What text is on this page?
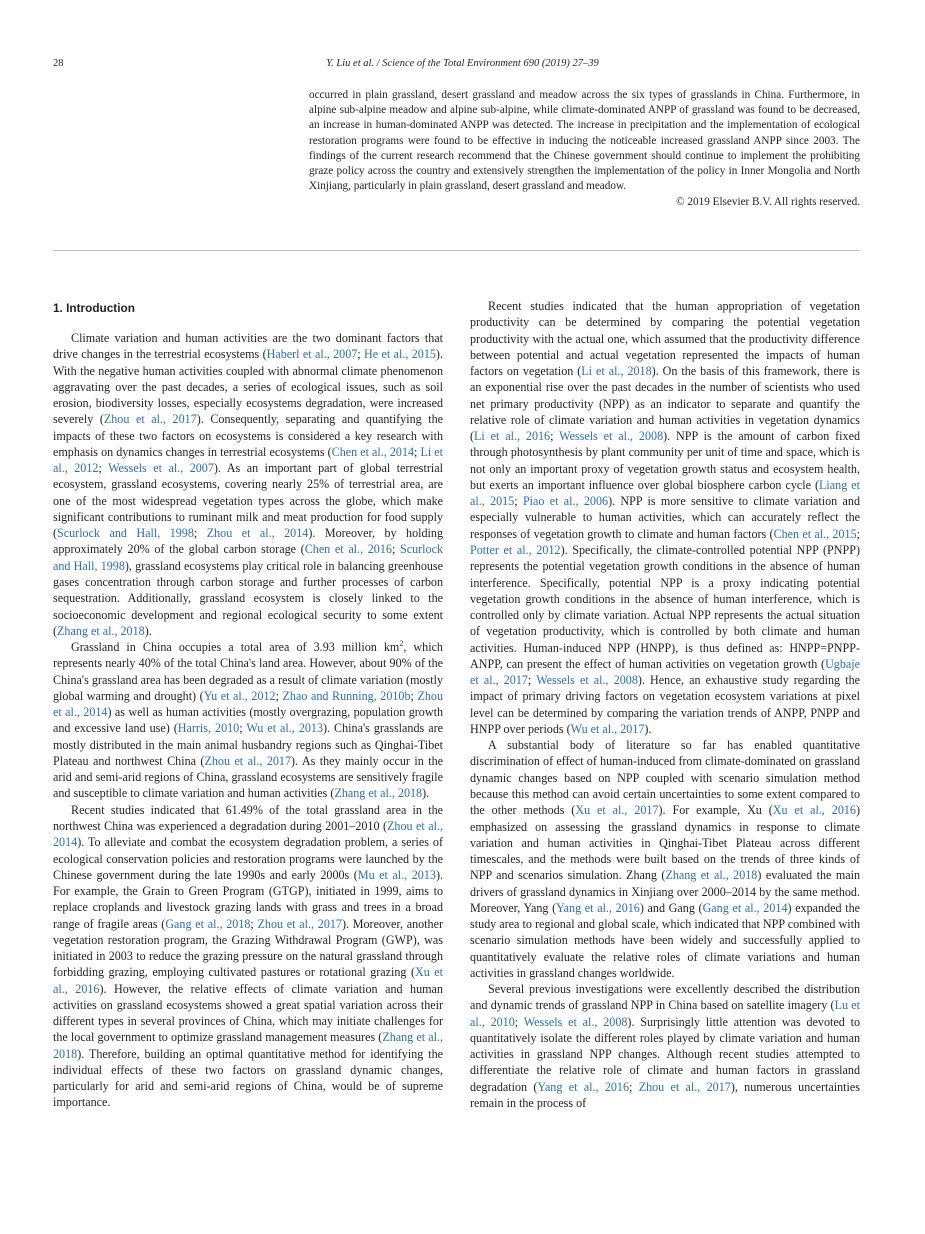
28	Y. Liu et al. / Science of the Total Environment 690 (2019) 27–39
occurred in plain grassland, desert grassland and meadow across the six types of grasslands in China. Furthermore, in alpine sub-alpine meadow and alpine sub-alpine, while climate-dominated ANPP of grassland was found to be decreased, an increase in human-dominated ANPP was detected. The increase in precipitation and the implementation of ecological restoration programs were found to be effective in inducing the noticeable increased grassland ANPP since 2003. The findings of the current research recommend that the Chinese government should continue to implement the prohibiting graze policy across the country and extensively strengthen the implementation of the policy in Inner Mongolia and North Xinjiang, particularly in plain grassland, desert grassland and meadow.
© 2019 Elsevier B.V. All rights reserved.
1. Introduction

Climate variation and human activities are the two dominant factors that drive changes in the terrestrial ecosystems (Haberl et al., 2007; He et al., 2015). With the negative human activities coupled with abnormal climate phenomenon aggravating over the past decades, a series of ecological issues, such as soil erosion, biodiversity losses, especially ecosystems degradation, were increased severely (Zhou et al., 2017). Consequently, separating and quantifying the impacts of these two factors on ecosystems is considered a key research with emphasis on dynamics changes in terrestrial ecosystems (Chen et al., 2014; Li et al., 2012; Wessels et al., 2007). As an important part of global terrestrial ecosystem, grassland ecosystems, covering nearly 25% of terrestrial area, are one of the most widespread vegetation types across the globe, which make significant contributions to ruminant milk and meat production for food supply (Scurlock and Hall, 1998; Zhou et al., 2014). Moreover, by holding approximately 20% of the global carbon storage (Chen et al., 2016; Scurlock and Hall, 1998), grassland ecosystems play critical role in balancing greenhouse gases concentration through carbon storage and further processes of carbon sequestration. Additionally, grassland ecosystem is closely linked to the socioeconomic development and regional ecological security to some extent (Zhang et al., 2018).

Grassland in China occupies a total area of 3.93 million $km^2$, which represents nearly 40% of the total China's land area. However, about 90% of the China's grassland area has been degraded as a result of climate variation (mostly global warming and drought) (Yu et al., 2012; Zhao and Running, 2010b; Zhou et al., 2014) as well as human activities (mostly overgrazing, population growth and excessive land use) (Harris, 2010; Wu et al., 2013). China's grasslands are mostly distributed in the main animal husbandry regions such as Qinghai-Tibet Plateau and northwest China (Zhou et al., 2017). As they mainly occur in the arid and semi-arid regions of China, grassland ecosystems are sensitively fragile and susceptible to climate variation and human activities (Zhang et al., 2018).

Recent studies indicated that 61.49% of the total grassland area in the northwest China was experienced a degradation during 2001–2010 (Zhou et al., 2014). To alleviate and combat the ecosystem degradation problem, a series of ecological conservation policies and restoration programs were launched by the Chinese government during the late 1990s and early 2000s (Mu et al., 2013). For example, the Grain to Green Program (GTGP), initiated in 1999, aims to replace croplands and livestock grazing lands with grass and trees in a broad range of fragile areas (Gang et al., 2018; Zhou et al., 2017). Moreover, another vegetation restoration program, the Grazing Withdrawal Program (GWP), was initiated in 2003 to reduce the grazing pressure on the natural grassland through forbidding grazing, employing cultivated pastures or rotational grazing (Xu et al., 2016). However, the relative effects of climate variation and human activities on grassland ecosystems showed a great spatial variation across their different types in several provinces of China, which may initiate challenges for the local government to optimize grassland management measures (Zhang et al., 2018). Therefore, building an optimal quantitative method for identifying the individual effects of these two factors on grassland dynamic changes, particularly for arid and semi-arid regions of China, would be of supreme importance.

Recent studies indicated that the human appropriation of vegetation productivity can be determined by comparing the potential vegetation productivity with the actual one, which assumed that the productivity difference between potential and actual vegetation represented the impacts of human factors on vegetation (Li et al., 2018). On the basis of this framework, there is an exponential rise over the past decades in the number of scientists who used net primary productivity (NPP) as an indicator to separate and quantify the relative role of climate variation and human activities in vegetation dynamics (Li et al., 2016; Wessels et al., 2008). NPP is the amount of carbon fixed through photosynthesis by plant community per unit of time and space, which is not only an important proxy of vegetation growth status and ecosystem health, but exerts an important influence over global biosphere carbon cycle (Liang et al., 2015; Piao et al., 2006). NPP is more sensitive to climate variation and especially vulnerable to human activities, which can accurately reflect the responses of vegetation growth to climate and human factors (Chen et al., 2015; Potter et al., 2012). Specifically, the climate-controlled potential NPP (PNPP) represents the potential vegetation growth conditions in the absence of human interference. Specifically, potential NPP is a proxy indicating potential vegetation growth conditions in the absence of human interference, which is controlled only by climate variation. Actual NPP represents the actual situation of vegetation productivity, which is controlled by both climate and human activities. Human-induced NPP (HNPP), is thus defined as: HNPP=PNPP-ANPP, can present the effect of human activities on vegetation growth (Ugbaje et al., 2017; Wessels et al., 2008). Hence, an exhaustive study regarding the impact of primary driving factors on vegetation ecosystem variations at pixel level can be determined by comparing the variation trends of ANPP, PNPP and HNPP over periods (Wu et al., 2017).

A substantial body of literature so far has enabled quantitative discrimination of effect of human-induced from climate-dominated on grassland dynamic changes based on NPP coupled with scenario simulation method because this method can avoid certain uncertainties to some extent compared to the other methods (Xu et al., 2017). For example, Xu (Xu et al., 2016) emphasized on assessing the grassland dynamics in response to climate variation and human activities in Qinghai-Tibet Plateau across different timescales, and the methods were built based on the trends of three kinds of NPP and scenarios simulation. Zhang (Zhang et al., 2018) evaluated the main drivers of grassland dynamics in Xinjiang over 2000–2014 by the same method. Moreover, Yang (Yang et al., 2016) and Gang (Gang et al., 2014) expanded the study area to regional and global scale, which indicated that NPP combined with scenario simulation methods have been widely and successfully applied to quantitatively evaluate the relative roles of climate variations and human activities in grassland changes worldwide.

Several previous investigations were excellently described the distribution and dynamic trends of grassland NPP in China based on satellite imagery (Lu et al., 2010; Wessels et al., 2008). Surprisingly little attention was devoted to quantitatively isolate the different roles played by climate variation and human activities in grassland NPP changes. Although recent studies attempted to differentiate the relative role of climate and human factors in grassland degradation (Yang et al., 2016; Zhou et al., 2017), numerous uncertainties remain in the process of
